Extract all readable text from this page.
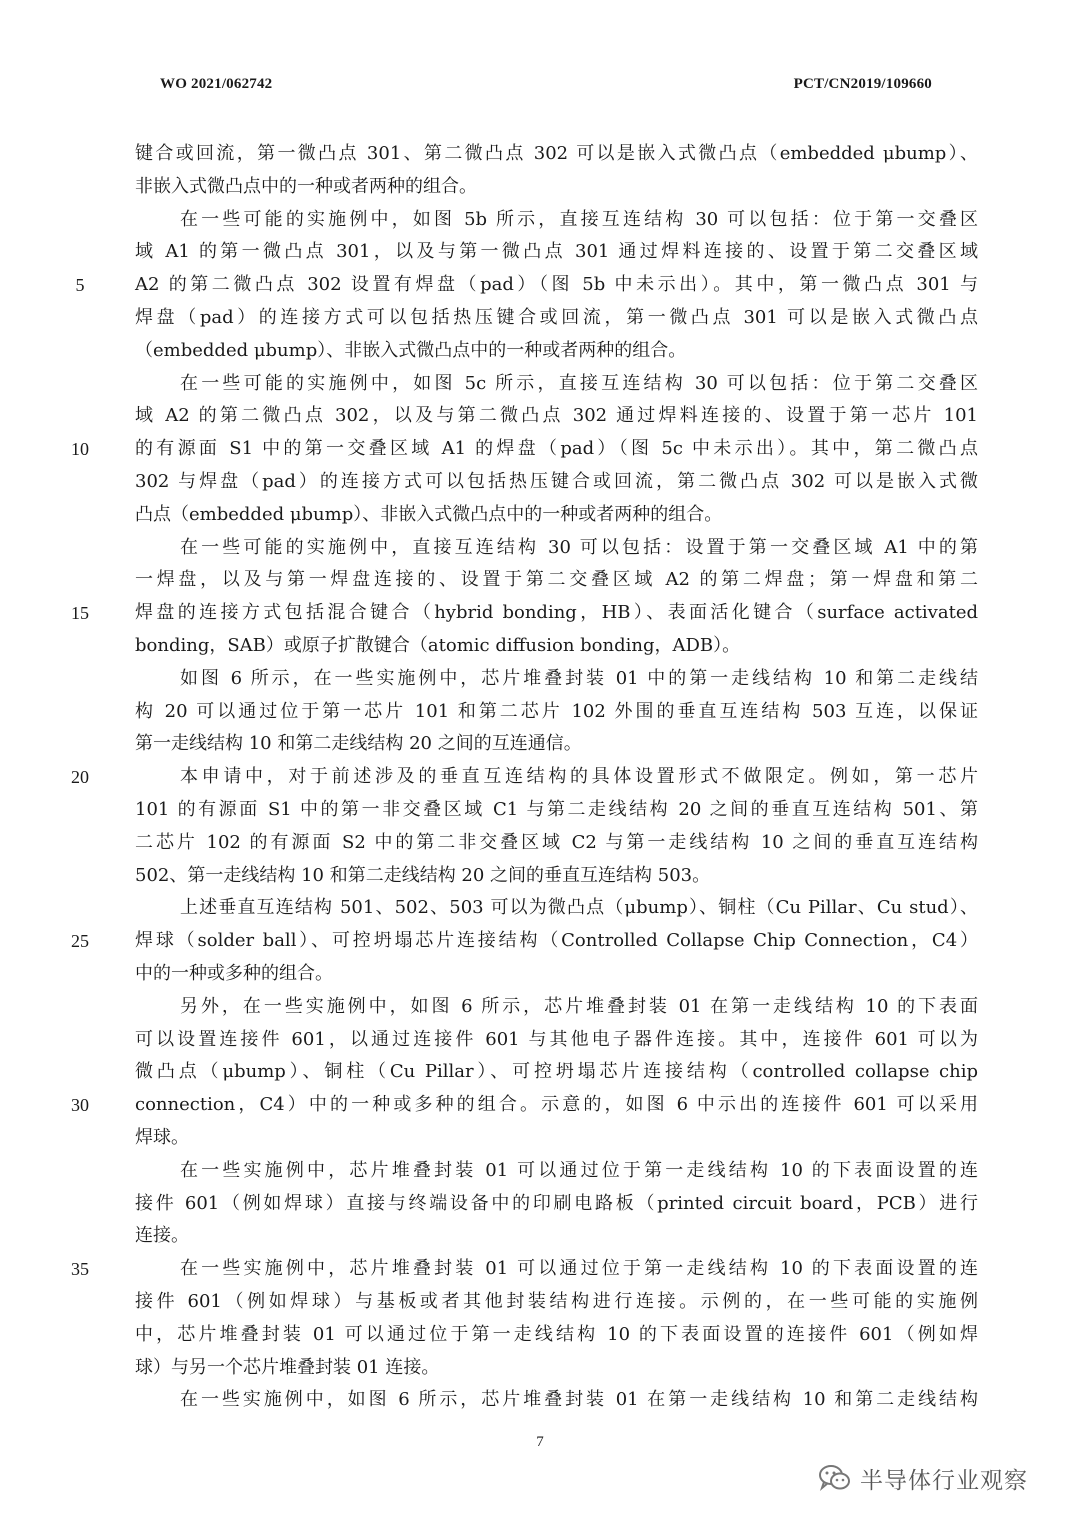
WO 2021/062742	PCT/CN2019/109660
键合或回流，第一微凸点 301、第二微凸点 302 可以是嵌入式微凸点（embedded μbump）、
非嵌入式微凸点中的一种或者两种的组合。
在一些可能的实施例中，如图 5b 所示，直接互连结构 30 可以包括：位于第一交叠区
域 A1 的第一微凸点 301，以及与第一微凸点 301 通过焊料连接的、设置于第二交叠区域
A2 的第二微凸点 302 设置有焊盘（pad）（图 5b 中未示出）。其中，第一微凸点 301 与
焊盘（pad）的连接方式可以包括热压键合或回流，第一微凸点 301 可以是嵌入式微凸点
（embedded μbump）、非嵌入式微凸点中的一种或者两种的组合。
在一些可能的实施例中，如图 5c 所示，直接互连结构 30 可以包括：位于第二交叠区
域 A2 的第二微凸点 302，以及与第二微凸点 302 通过焊料连接的、设置于第一芯片 101
的有源面 S1 中的第一交叠区域 A1 的焊盘（pad）（图 5c 中未示出）。其中，第二微凸点
302 与焊盘（pad）的连接方式可以包括热压键合或回流，第二微凸点 302 可以是嵌入式微
凸点（embedded μbump）、非嵌入式微凸点中的一种或者两种的组合。
在一些可能的实施例中，直接互连结构 30 可以包括：设置于第一交叠区域 A1 中的第
一焊盘，以及与第一焊盘连接的、设置于第二交叠区域 A2 的第二焊盘；第一焊盘和第二
焊盘的连接方式包括混合键合（hybrid bonding，HB）、表面活化键合（surface activated
bonding，SAB）或原子扩散键合（atomic diffusion bonding，ADB）。
如图 6 所示，在一些实施例中，芯片堆叠封装 01 中的第一走线结构 10 和第二走线结
构 20 可以通过位于第一芯片 101 和第二芯片 102 外围的垂直互连结构 503 互连，以保证
第一走线结构 10 和第二走线结构 20 之间的互连通信。
本申请中，对于前述涉及的垂直互连结构的具体设置形式不做限定。例如，第一芯片
101 的有源面 S1 中的第一非交叠区域 C1 与第二走线结构 20 之间的垂直互连结构 501、第
二芯片 102 的有源面 S2 中的第二非交叠区域 C2 与第一走线结构 10 之间的垂直互连结构
502、第一走线结构 10 和第二走线结构 20 之间的垂直互连结构 503。
上述垂直互连结构 501、502、503 可以为微凸点（μbump）、铜柱（Cu Pillar、Cu stud）、
焊球（solder ball）、可控坍塌芯片连接结构（Controlled Collapse Chip Connection，C4）
中的一种或多种的组合。
另外，在一些实施例中，如图 6 所示，芯片堆叠封装 01 在第一走线结构 10 的下表面
可以设置连接件 601，以通过连接件 601 与其他电子器件连接。其中，连接件 601 可以为
微凸点（μbump）、铜柱（Cu Pillar）、可控坍塌芯片连接结构（controlled collapse chip
connection，C4）中的一种或多种的组合。示意的，如图 6 中示出的连接件 601 可以采用
焊球。
在一些实施例中，芯片堆叠封装 01 可以通过位于第一走线结构 10 的下表面设置的连
接件 601（例如焊球）直接与终端设备中的印刷电路板（printed circuit board，PCB）进行
连接。
在一些实施例中，芯片堆叠封装 01 可以通过位于第一走线结构 10 的下表面设置的连
接件 601（例如焊球）与基板或者其他封装结构进行连接。示例的，在一些可能的实施例
中，芯片堆叠封装 01 可以通过位于第一走线结构 10 的下表面设置的连接件 601（例如焊
球）与另一个芯片堆叠封装 01 连接。
在一些实施例中，如图 6 所示，芯片堆叠封装 01 在第一走线结构 10 和第二走线结构
5
10
15
20
25
30
35
7
半导体行业观察
